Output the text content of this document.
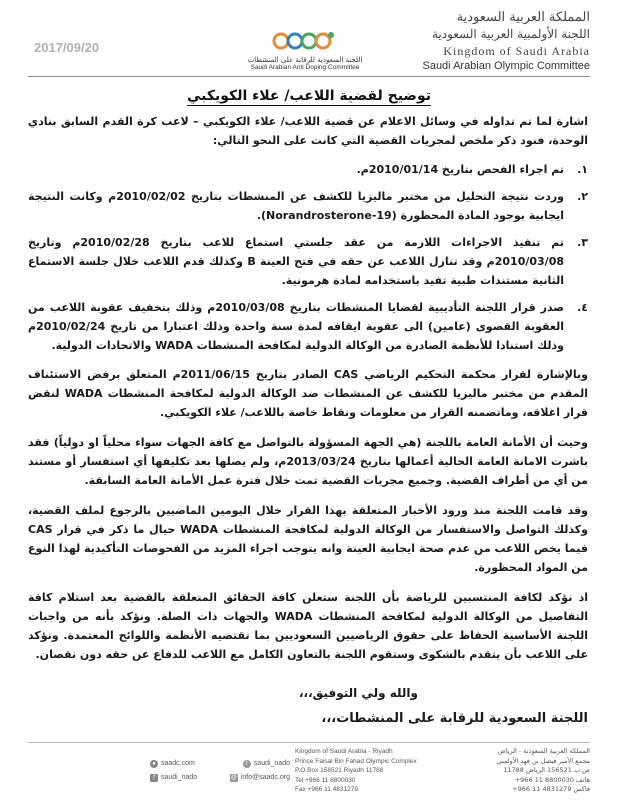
2017/09/20
اللجنة السعودية للرقابة على المنشطات
Saudi Arabian Anti Doping Committee
المملكة العربية السعودية
اللجنة الأولمبية العربية السعودية
Kingdom of Saudi Arabia
Saudi Arabian Olympic Committee
توضيح لقضية اللاعب/ علاء الكويكبي

اشارة لما تم تداوله في وسائل الاعلام عن قضية اللاعب/ علاء الكويكبي – لاعب كرة القدم السابق بنادي الوحدة، فنود ذكر ملخص لمجريات القضية التي كانت على النحو التالي:

١.
تم اجراء الفحص بتاريخ 2010/01/14م.
٢.
وردت نتيجة التحليل من مختبر ماليزيا للكشف عن المنشطات بتاريخ 2010/02/02م وكانت النتيجة ايجابية بوجود المادة المحظورة (19-Norandrosterone).
٣.
تم تنفيذ الاجراءات اللازمة من عقد جلستي استماع للاعب بتاريخ 2010/02/28م وتاريخ 2010/03/08م وقد تنازل اللاعب عن حقه في فتح العينة B وكذلك قدم اللاعب خلال جلسة الاستماع الثانية مستندات طبية تفيد باستخدامه لمادة هرمونية.
٤.
صدر قرار اللجنة التأديبية لقضايا المنشطات بتاريخ 2010/03/08م وذلك بتخفيف عقوبة اللاعب من العقوبة القصوى (عامين) الى عقوبة ايقافه لمدة سنة واحدة وذلك اعتبارا من تاريخ 2010/02/24م وذلك استنادا للأنظمة الصادرة من الوكالة الدولية لمكافحة المنشطات WADA والاتحادات الدولية.

وبالإشارة لقرار محكمة التحكيم الرياضي CAS الصادر بتاريخ 2011/06/15م المتعلق برفض الاستئناف المقدم من مختبر ماليزيا للكشف عن المنشطات ضد الوكالة الدولية لمكافحة المنشطات WADA لنقض قرار اغلاقه، وماتضمنه القرار من معلومات ونقاط خاصة باللاعب/ علاء الكويكبي.

وحيث أن الأمانة العامة باللجنة (هي الجهة المسؤولة بالتواصل مع كافة الجهات سواء محلياً او دولياً) فقد باشرت الامانة العامة الحالية أعمالها بتاريخ 2013/03/24م، ولم يصلها بعد تكليفها أي استفسار أو مستند من أي من أطراف القضية. وجميع مجريات القضية تمت خلال فترة عمل الأمانة العامة السابقة.

وقد قامت اللجنة منذ ورود الأخبار المتعلقة بهذا القرار خلال اليومين الماضيين بالرجوع لملف القضية، وكذلك التواصل والاستفسار من الوكالة الدولية لمكافحة المنشطات WADA حيال ما ذكر في قرار CAS فيما يخص اللاعب من عدم صحة ايجابية العينة وانه يتوجب اجراء المزيد من الفحوصات التأكيدية لهذا النوع من المواد المحظورة.

اذ نؤكد لكافة المنتسبين للرياضة بأن اللجنة ستعلن كافة الحقائق المتعلقة بالقضية بعد استلام كافة التفاصيل من الوكالة الدولية لمكافحة المنشطات WADA والجهات ذات الصلة. ونؤكد بأنه من واجبات اللجنة الأساسية الحفاظ على حقوق الرياضيين السعوديين بما تقتضيه الأنظمة واللوائح المعتمدة. ونؤكد على اللاعب بأن يتقدم بالشكوى وستقوم اللجنة بالتعاون الكامل مع اللاعب للدفاع عن حقه دون نقصان.

والله ولي التوفيق،،،
اللجنة السعودية للرقابة على المنشطات،،،
المملكة العربية السعودية - الرياض
مجمع الأمير فيصل بن فهد الأولمبي
ص.ب 156521 الرياض 11788
هاتف 8800030 11 966+
فاكس 4831279 11 966+
Kingdom of Saudi Arabia - Riyadh
Prince Faisal Bin Fahad Olympic Complex
P.O.Box 156521 Riyadh 11788
Tel +966 11 8800030
Fax +966 11 4831279
● saadc.com	t saudi_nado
f saudi_nado	@ info@saadc.org
